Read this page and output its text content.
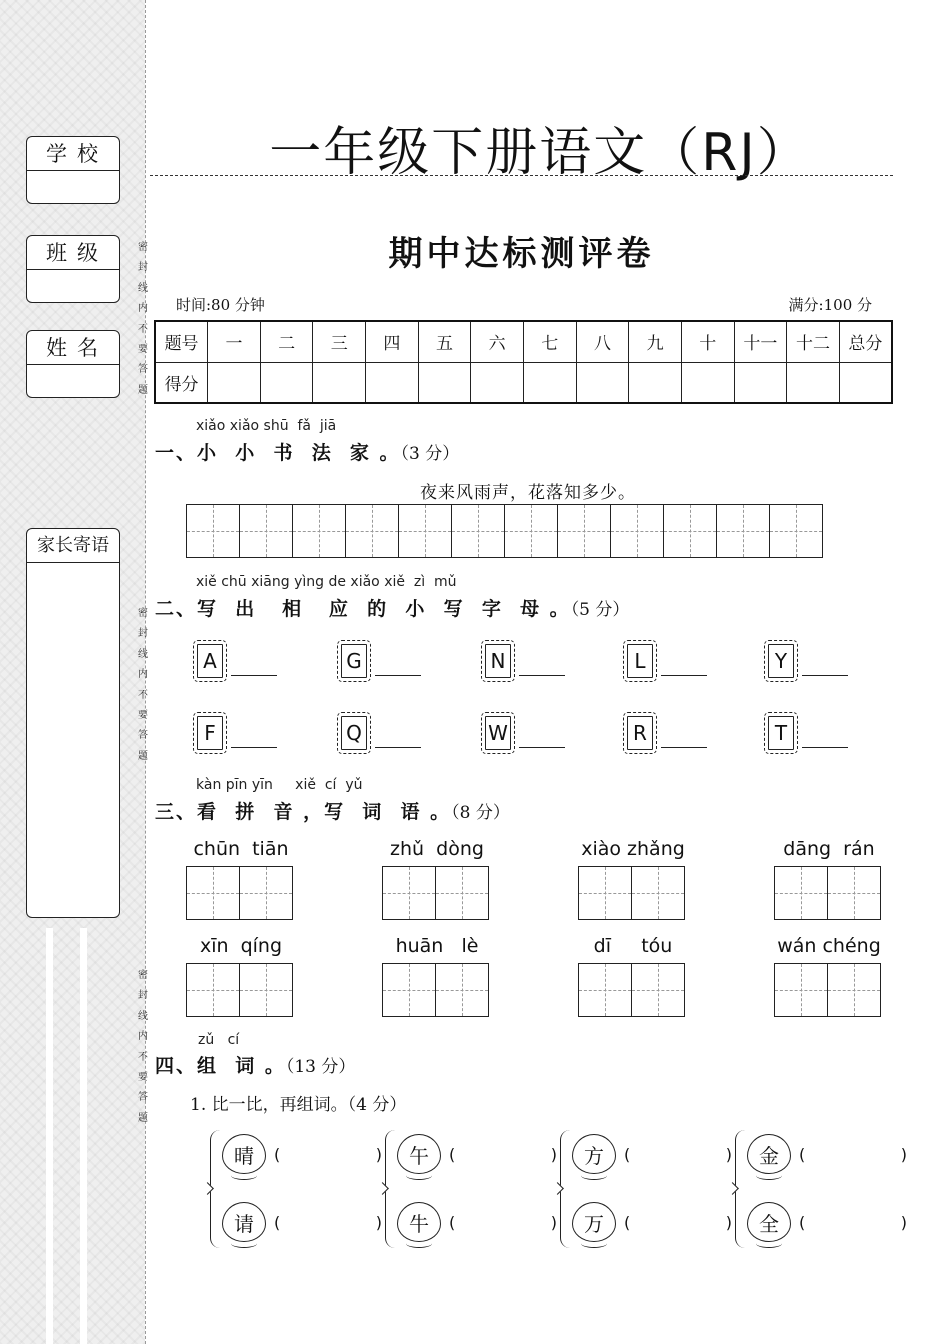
学校
班级
姓名
家长寄语
密
封
线
内
不
要
答
题
密
封
线
内
不
要
答
题
密
封
线
内
不
要
答
题
一年级下册语文（RJ）
期中达标测评卷
时间:80 分钟	满分:100 分
题号	一	二	三	四	五	六	七	八	九	十	十一	十二	总分
得分													
xiǎo xiǎo shū  fǎ  jiā
一、小  小  书  法  家 。（3 分）
夜来风雨声，花落知多少。
xiě chū xiāng yìng de xiǎo xiě  zì  mǔ
二、写  出   相   应  的  小  写  字  母 。（5 分）
A	G	N	L	Y
F	Q	W	R	T
kàn pīn yīn     xiě  cí  yǔ
三、看  拼  音 ，写  词  语 。（8 分）
chūn  tiān	zhǔ  dòng	xiào zhǎng	dāng  rán
xīn  qíng	huān   lè	dī     tóu	wán chéng
zǔ   cí
四、组  词 。（13 分）
1. 比一比，再组词。（4 分）
晴	(	)
请	(	)
午	(	)
牛	(	)
方	(	)
万	(	)
金	(	)
全	(	)
